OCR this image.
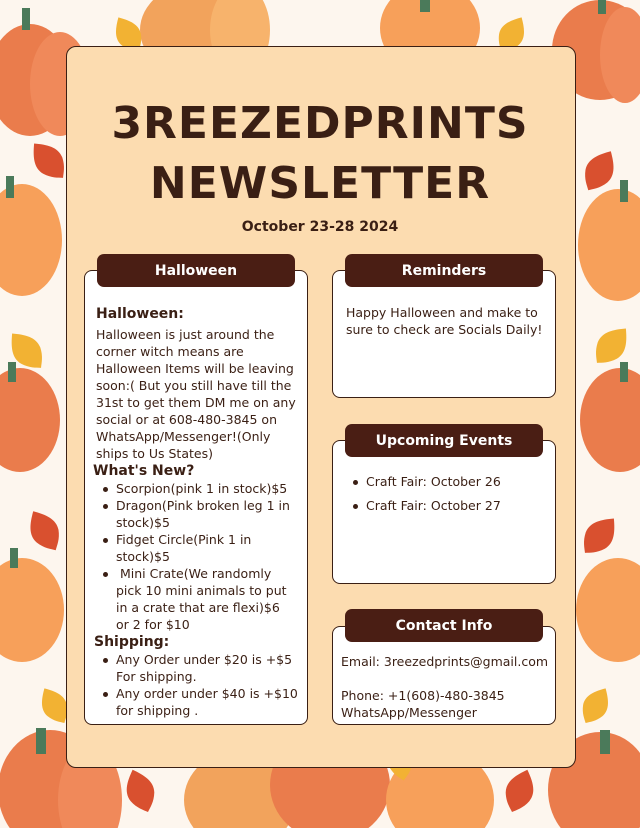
3REEZEDPRINTS
NEWSLETTER
October 23-28 2024
Halloween
Halloween:
Halloween is just around the
corner witch means are
Halloween Items will be leaving
soon:( But you still have till the
31st to get them DM me on any
social or at 608-480-3845 on
WhatsApp/Messenger!(Only
ships to Us States)
What's New?
Scorpion(pink 1 in stock)$5
Dragon(Pink broken leg 1 in
stock)$5
Fidget Circle(Pink 1 in
stock)$5
Mini Crate(We randomly
pick 10 mini animals to put
in a crate that are flexi)$6
or 2 for $10
Shipping:
Any Order under $20 is +$5
For shipping.
Any order under $40 is +$10
for shipping .
Reminders
Happy Halloween and make to
sure to check are Socials Daily!
Upcoming Events
Craft Fair: October 26
Craft Fair: October 27
Contact Info
Email: 3reezedprints@gmail.com
Phone: +1(608)-480-3845
WhatsApp/Messenger
